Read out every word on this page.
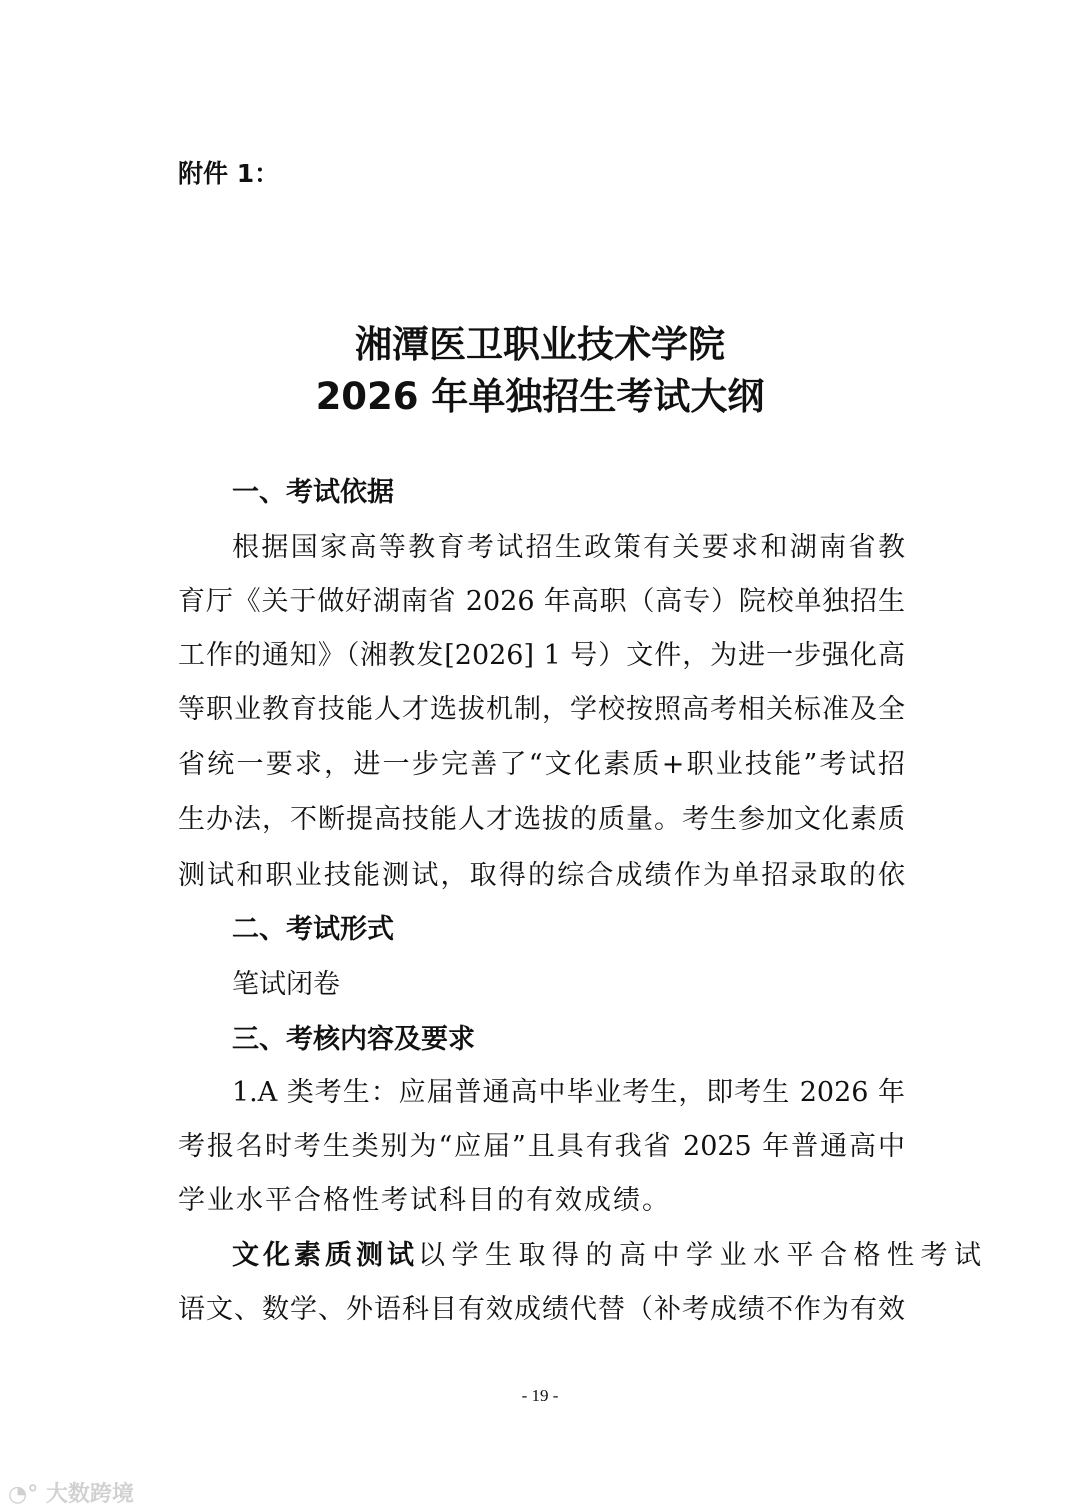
附件 1：
湘潭医卫职业技术学院
2026 年单独招生考试大纲
一、考试依据
根据国家高等教育考试招生政策有关要求和湖南省教
育厅《关于做好湖南省 2026 年高职（高专）院校单独招生
工作的通知》（湘教发[2026] 1 号）文件，为进一步强化高
等职业教育技能人才选拔机制，学校按照高考相关标准及全
省统一要求，进一步完善了“文化素质+职业技能”考试招
生办法，不断提高技能人才选拔的质量。考生参加文化素质
测试和职业技能测试，取得的综合成绩作为单招录取的依
二、考试形式
笔试闭卷
三、考核内容及要求
1.A 类考生：应届普通高中毕业考生，即考生 2026 年
考报名时考生类别为“应届”且具有我省 2025 年普通高中
学业水平合格性考试科目的有效成绩。
文化素质测试 以学生取得的高中学业水平合格性考试
语文、数学、外语科目有效成绩代替（补考成绩不作为有效
- 19 -
◔° 大数跨境
